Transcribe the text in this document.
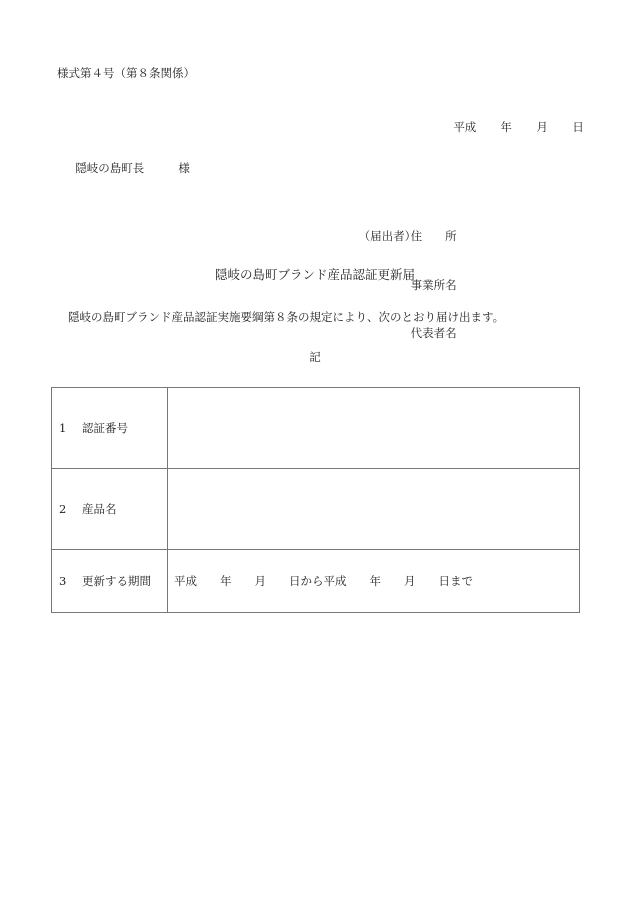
様式第４号（第８条関係）

平成 年 月 日

隠岐の島町長	様

（届出者）住　　所

事業所名

代表者名

隠岐の島町ブランド産品認証更新届
隠岐の島町ブランド産品認証実施要綱第８条の規定により、次のとおり届け出ます。
記
1 認証番号	
2 産品名	
3 更新する期間	平成　　年　　月　　日から平成　　年　　月　　日まで
